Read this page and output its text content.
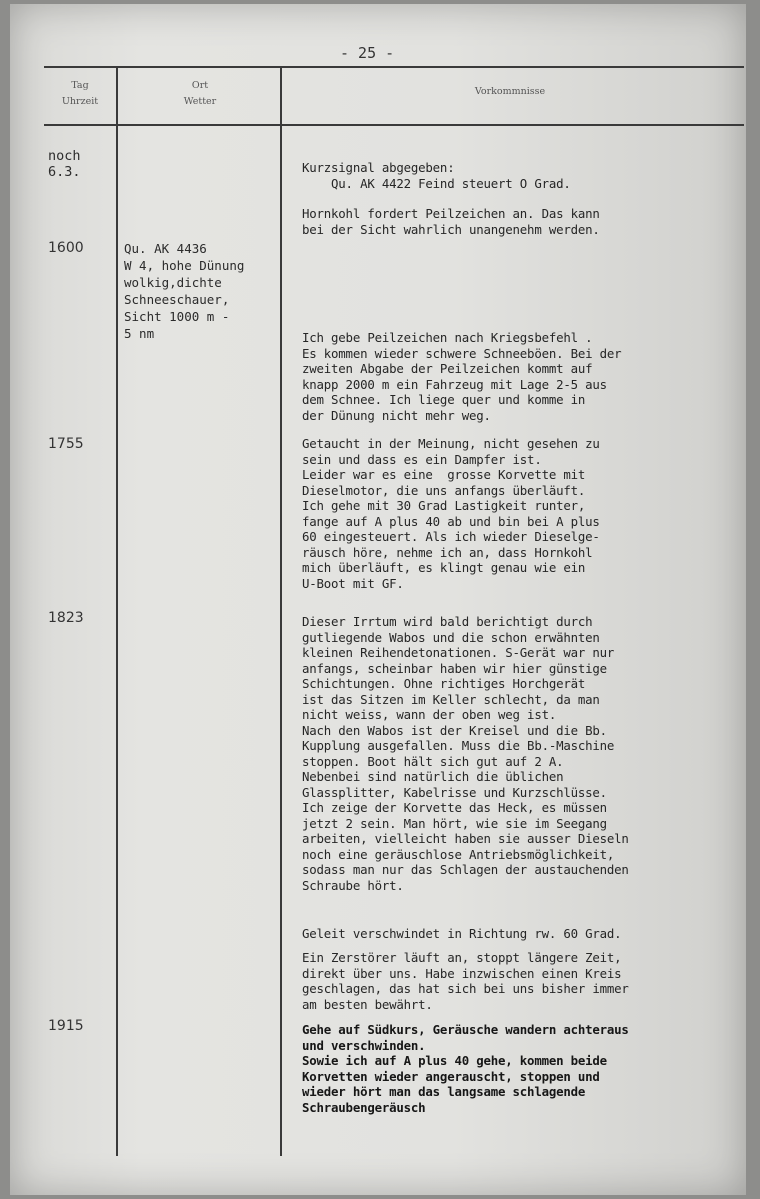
- 25 -
Tag
Uhrzeit
Ort
Wetter
Vorkommnisse
noch
6.3.
1600
1755
1823
1915
Qu. AK 4436
W 4, hohe Dünung
wolkig,dichte
Schneeschauer,
Sicht 1000 m -
5 nm
Kurzsignal abgegeben:
Qu. AK 4422 Feind steuert O Grad.
Hornkohl fordert Peilzeichen an. Das kann
bei der Sicht wahrlich unangenehm werden.
Ich gebe Peilzeichen nach Kriegsbefehl .
Es kommen wieder schwere Schneeböen. Bei der
zweiten Abgabe der Peilzeichen kommt auf
knapp 2000 m ein Fahrzeug mit Lage 2-5 aus
dem Schnee. Ich liege quer und komme in
der Dünung nicht mehr weg.
Getaucht in der Meinung, nicht gesehen zu
sein und dass es ein Dampfer ist.
Leider war es eine  grosse Korvette mit
Dieselmotor, die uns anfangs überläuft.
Ich gehe mit 30 Grad Lastigkeit runter,
fange auf A plus 40 ab und bin bei A plus
60 eingesteuert. Als ich wieder Dieselge-
räusch höre, nehme ich an, dass Hornkohl
mich überläuft, es klingt genau wie ein
U-Boot mit GF.
Dieser Irrtum wird bald berichtigt durch
gutliegende Wabos und die schon erwähnten
kleinen Reihendetonationen. S-Gerät war nur
anfangs, scheinbar haben wir hier günstige
Schichtungen. Ohne richtiges Horchgerät
ist das Sitzen im Keller schlecht, da man
nicht weiss, wann der oben weg ist.
Nach den Wabos ist der Kreisel und die Bb.
Kupplung ausgefallen. Muss die Bb.-Maschine
stoppen. Boot hält sich gut auf 2 A.
Nebenbei sind natürlich die üblichen
Glassplitter, Kabelrisse und Kurzschlüsse.
Ich zeige der Korvette das Heck, es müssen
jetzt 2 sein. Man hört, wie sie im Seegang
arbeiten, vielleicht haben sie ausser Dieseln
noch eine geräuschlose Antriebsmöglichkeit,
sodass man nur das Schlagen der austauchenden
Schraube hört.
Geleit verschwindet in Richtung rw. 60 Grad.
Ein Zerstörer läuft an, stoppt längere Zeit,
direkt über uns. Habe inzwischen einen Kreis
geschlagen, das hat sich bei uns bisher immer
am besten bewährt.
Gehe auf Südkurs, Geräusche wandern achteraus
und verschwinden.
Sowie ich auf A plus 40 gehe, kommen beide
Korvetten wieder angerauscht, stoppen und
wieder hört man das langsame schlagende
Schraubengeräusch
